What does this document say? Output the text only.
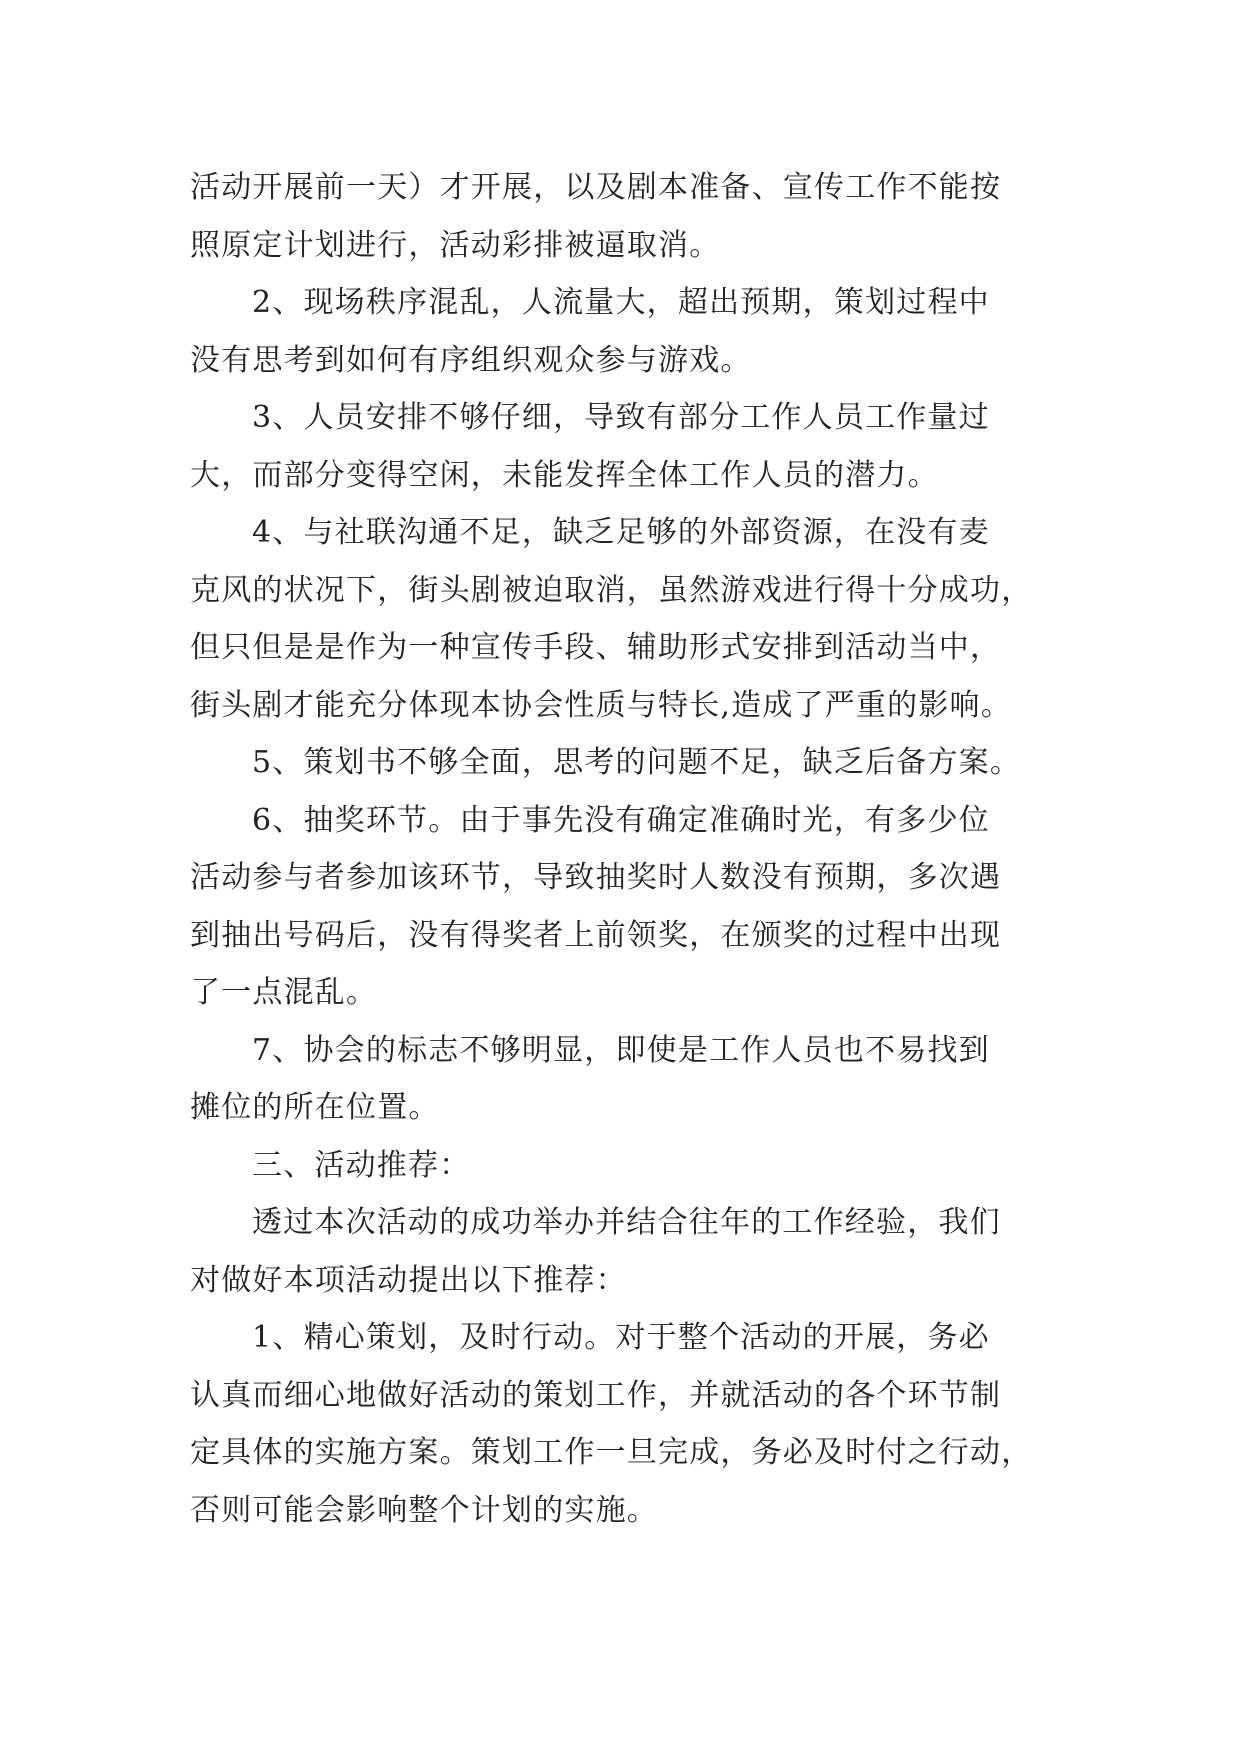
活动开展前一天）才开展，以及剧本准备、宣传工作不能按
照原定计划进行，活动彩排被逼取消。
2、现场秩序混乱，人流量大，超出预期，策划过程中
没有思考到如何有序组织观众参与游戏。
3、人员安排不够仔细，导致有部分工作人员工作量过
大，而部分变得空闲，未能发挥全体工作人员的潜力。
4、与社联沟通不足，缺乏足够的外部资源，在没有麦
克风的状况下，街头剧被迫取消，虽然游戏进行得十分成功，
但只但是是作为一种宣传手段、辅助形式安排到活动当中，
街头剧才能充分体现本协会性质与特长,造成了严重的影响。
5、策划书不够全面，思考的问题不足，缺乏后备方案。
6、抽奖环节。由于事先没有确定准确时光，有多少位
活动参与者参加该环节，导致抽奖时人数没有预期，多次遇
到抽出号码后，没有得奖者上前领奖，在颁奖的过程中出现
了一点混乱。
7、协会的标志不够明显，即使是工作人员也不易找到
摊位的所在位置。
三、活动推荐：
透过本次活动的成功举办并结合往年的工作经验，我们
对做好本项活动提出以下推荐：
1、精心策划，及时行动。对于整个活动的开展，务必
认真而细心地做好活动的策划工作，并就活动的各个环节制
定具体的实施方案。策划工作一旦完成，务必及时付之行动，
否则可能会影响整个计划的实施。
